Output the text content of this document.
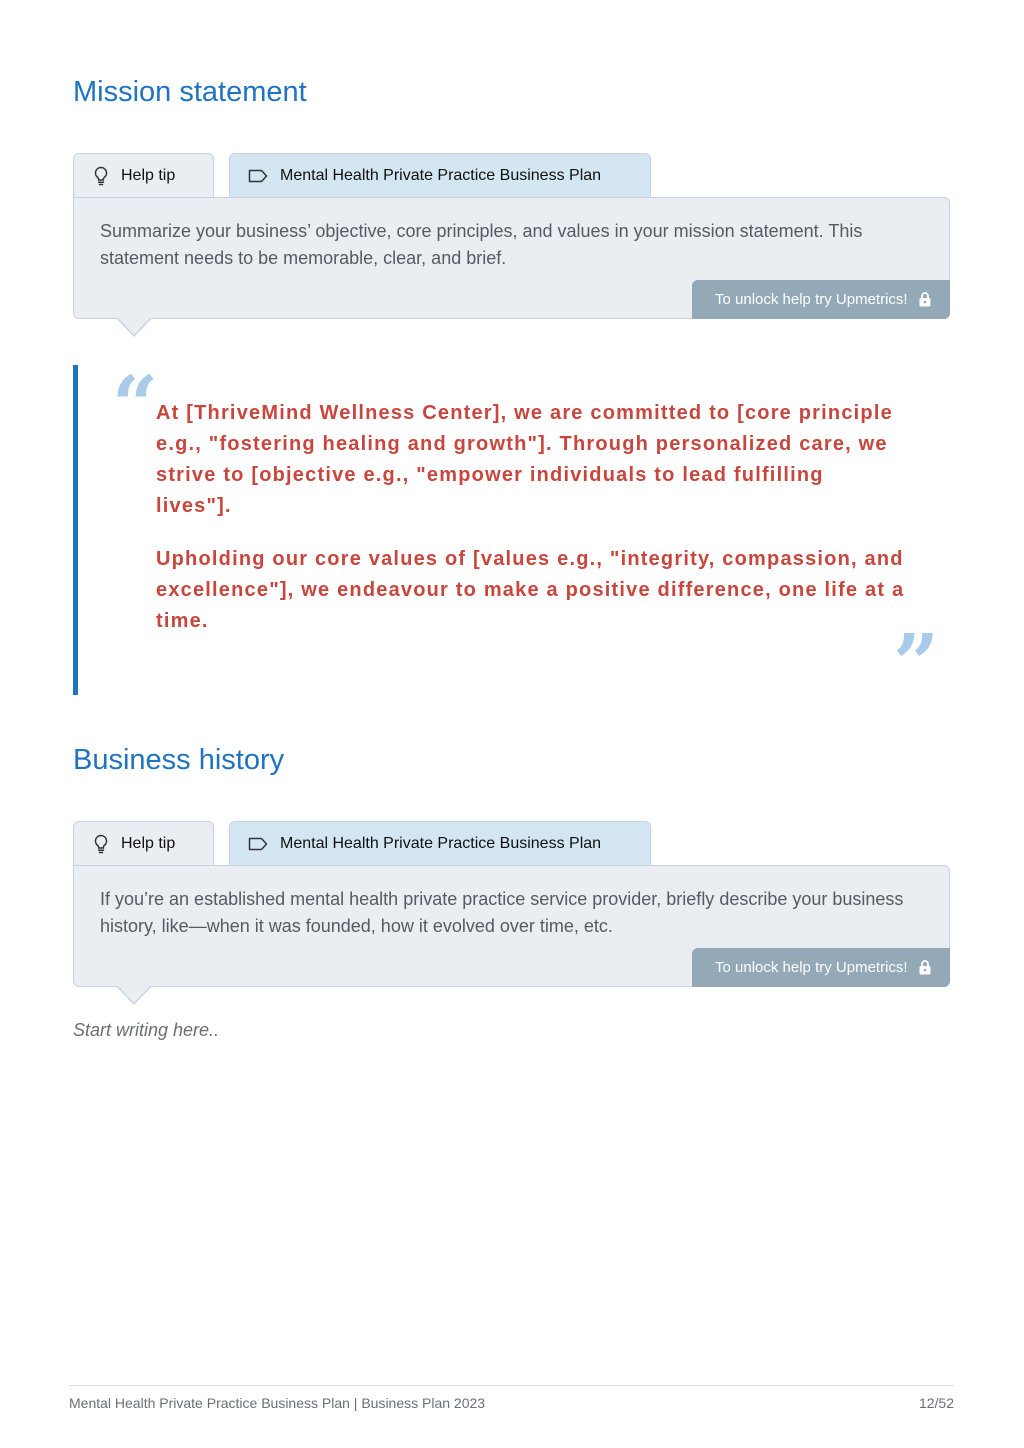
Mission statement
Help tip	Mental Health Private Practice Business Plan

Summarize your business’ objective, core principles, and values in your mission statement. This statement needs to be memorable, clear, and brief.

To unlock help try Upmetrics!
“

At [ThriveMind Wellness Center], we are committed to [core principle e.g., "fostering healing and growth"]. Through personalized care, we strive to [objective e.g., "empower individuals to lead fulfilling lives"].

Upholding our core values of [values e.g., "integrity, compassion, and excellence"], we endeavour to make a positive difference, one life at a time.	”
Business history
Help tip	Mental Health Private Practice Business Plan

If you’re an established mental health private practice service provider, briefly describe your business history, like—when it was founded, how it evolved over time, etc.

To unlock help try Upmetrics!

Start writing here..

Mental Health Private Practice Business Plan | Business Plan 2023	12/52
